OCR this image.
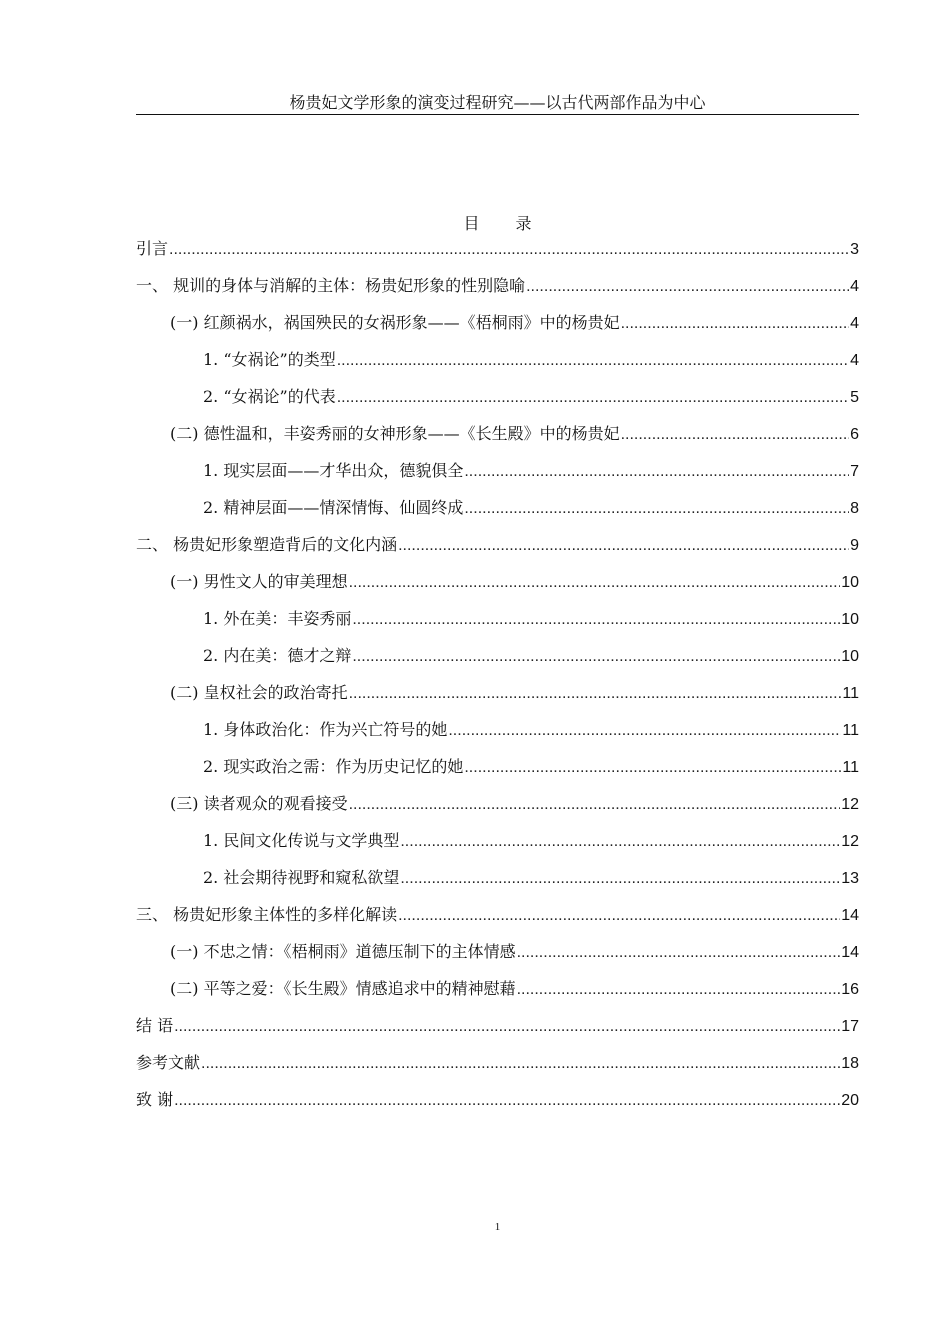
杨贵妃文学形象的演变过程研究——以古代两部作品为中心
目 录
引言 .....	3
一、 规训的身体与消解的主体：杨贵妃形象的性别隐喻 .....	4
(一) 红颜祸水，祸国殃民的女祸形象——《梧桐雨》中的杨贵妃 .....	4
1. “女祸论”的类型 .....	4
2. “女祸论”的代表 .....	5
(二) 德性温和，丰姿秀丽的女神形象——《长生殿》中的杨贵妃 .....	6
1. 现实层面——才华出众，德貌俱全 .....	7
2. 精神层面——情深情悔、仙圆终成 .....	8
二、 杨贵妃形象塑造背后的文化内涵 .....	9
(一) 男性文人的审美理想 .....	10
1. 外在美：丰姿秀丽 .....	10
2. 内在美：德才之辩 .....	10
(二) 皇权社会的政治寄托 .....	11
1. 身体政治化：作为兴亡符号的她 .....	11
2. 现实政治之需：作为历史记忆的她 .....	11
(三) 读者观众的观看接受 .....	12
1. 民间文化传说与文学典型 .....	12
2. 社会期待视野和窥私欲望 .....	13
三、 杨贵妃形象主体性的多样化解读 .....	14
(一) 不忠之情：《梧桐雨》道德压制下的主体情感 .....	14
(二) 平等之爱：《长生殿》情感追求中的精神慰藉 .....	16
结 语 .....	17
参考文献 .....	18
致 谢 .....	20
1
